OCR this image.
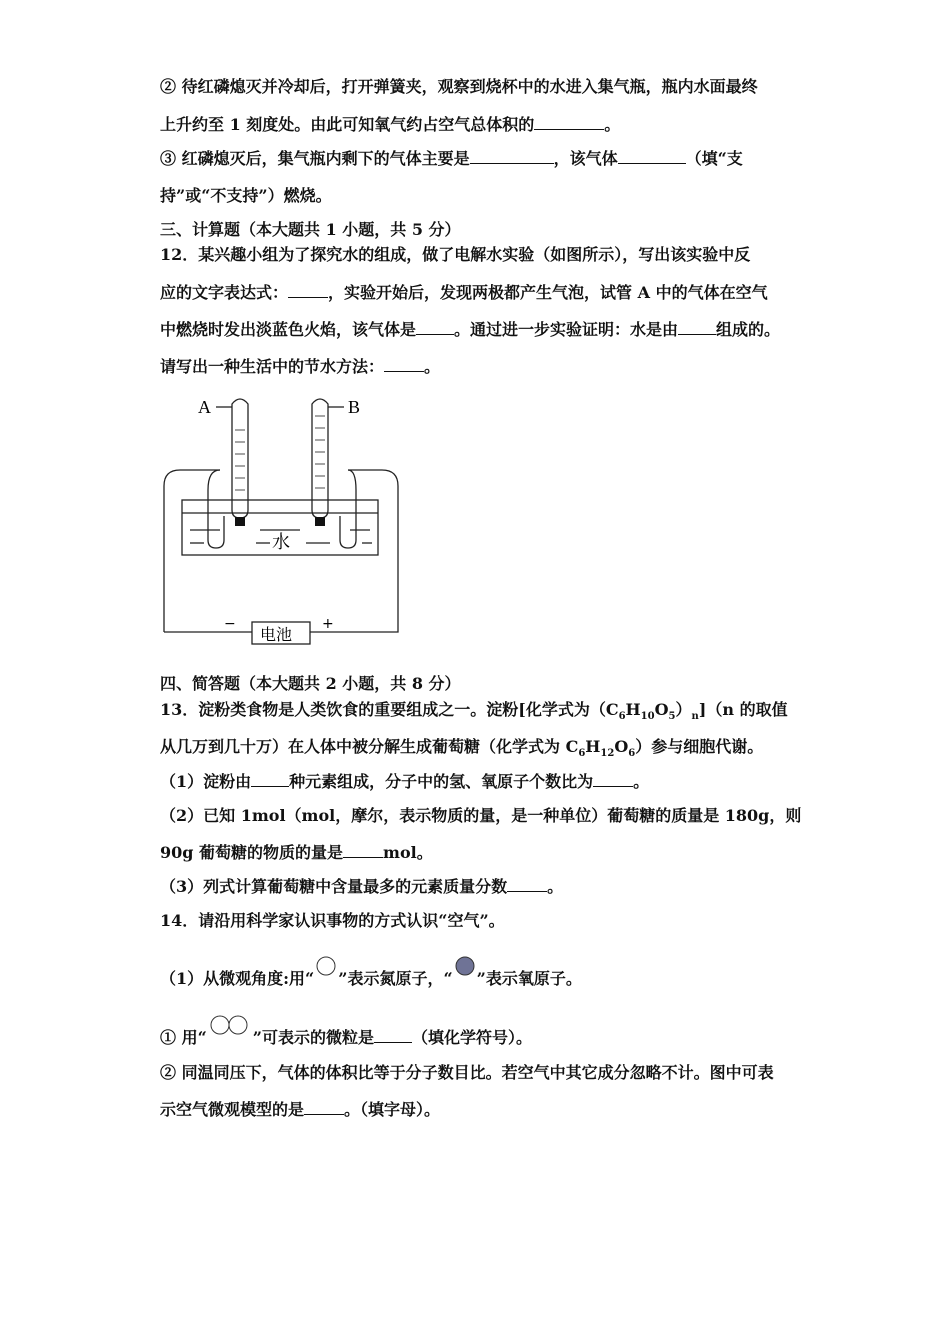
② 待红磷熄灭并冷却后，打开弹簧夹，观察到烧杯中的水进入集气瓶，瓶内水面最终
上升约至 1 刻度处。由此可知氧气约占空气总体积的	。
③ 红磷熄灭后，集气瓶内剩下的气体主要是	，该气体	（填“支
持”或“不支持”）燃烧。
三、计算题（本大题共 1 小题，共 5 分）
12．某兴趣小组为了探究水的组成，做了电解水实验（如图所示），写出该实验中反
应的文字表达式：	，实验开始后，发现两极都产生气泡，试管 A 中的气体在空气
中燃烧时发出淡蓝色火焰，该气体是 。通过进一步实验证明：水是由 组成的。
请写出一种生活中的节水方法：	。
A	B
水
电池
−	+
四、简答题（本大题共 2 小题，共 8 分）
13．淀粉类食物是人类饮食的重要组成之一。淀粉[化学式为$(C_6H_{10}O_5)_n](n$ 的取值
从几万到几十万）在人体中被分解生成葡萄糖（化学式为 $C_6H_{12}O_6$）参与细胞代谢。
（1）淀粉由 种元素组成，分子中的氢、氧原子个数比为	。
（2）已知 1mol（mol，摩尔，表示物质的量，是一种单位）葡萄糖的质量是 180g，则
90g 葡萄糖的物质的量是	mol。
（3）列式计算葡萄糖中含量最多的元素质量分数	。
14．请沿用科学家认识事物的方式认识“空气”。
（1）从微观角度:用“ ”表示氮原子，“ ”表示氧原子。
① 用“	”可表示的微粒是 （填化学符号）。
② 同温同压下，气体的体积比等于分子数目比。若空气中其它成分忽略不计。图中可表
示空气微观模型的是	。（填字母）。
